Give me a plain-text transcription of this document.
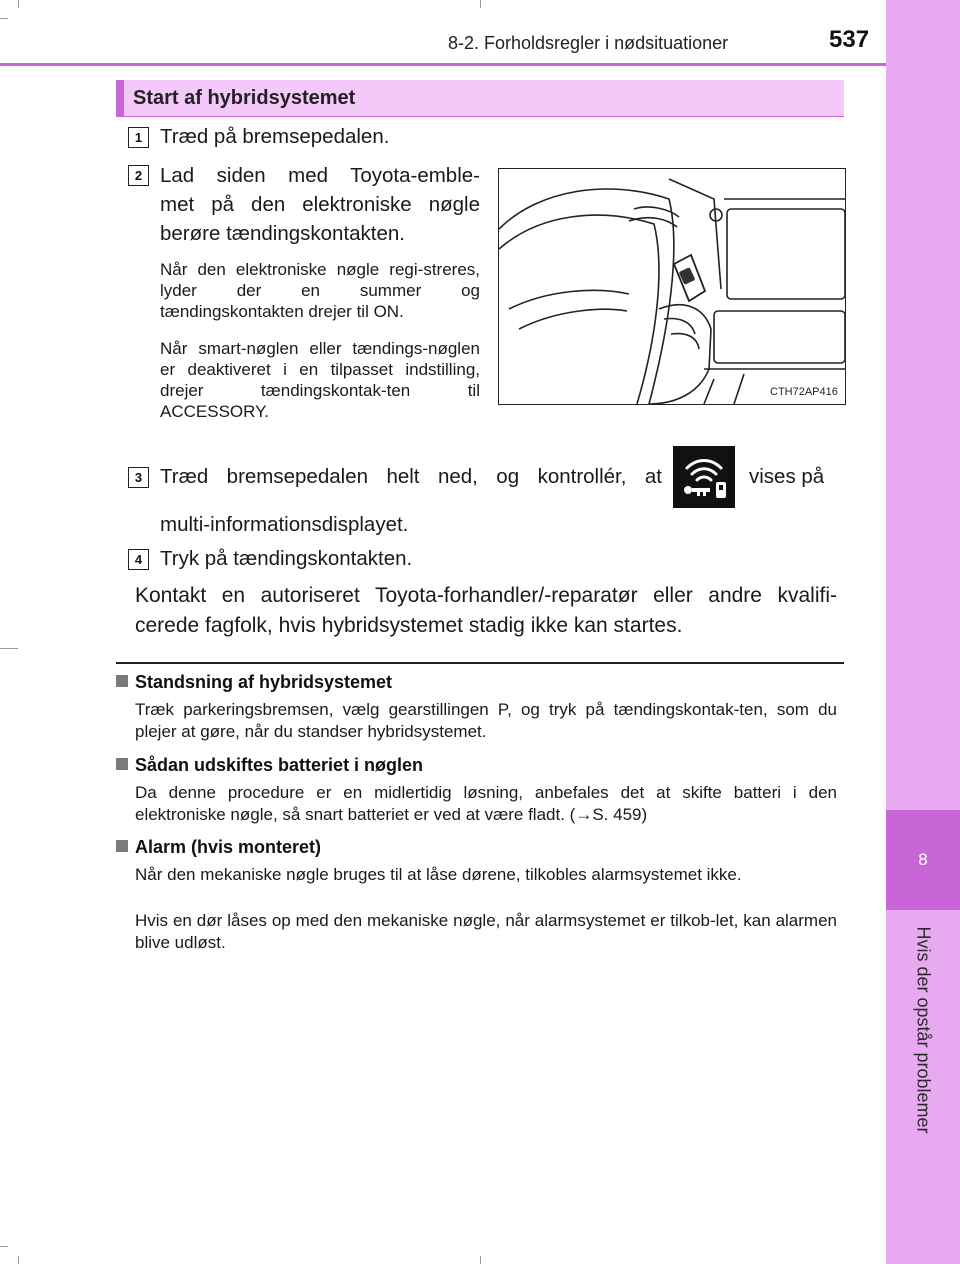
8
Hvis der opstår problemer
8-2. Forholdsregler i nødsituationer	537
Start af hybridsystemet
1 Træd på bremsepedalen.
2 Lad siden med Toyota-emble-
met på den elektroniske nøgle
berøre tændingskontakten.
Når den elektroniske nøgle regi-streres, lyder der en summer og tændingskontakten drejer til ON.
Når smart-nøglen eller tændings-nøglen er deaktiveret i en tilpasset indstilling, drejer tændingskontak-ten til ACCESSORY.
CTH72AP416
3 Træd bremsepedalen helt ned, og kontrollér, at	vises på
multi-informationsdisplayet.
4 Tryk på tændingskontakten.
Kontakt en autoriseret Toyota-forhandler/-reparatør eller andre kvalifi-
cerede fagfolk, hvis hybridsystemet stadig ikke kan startes.
Standsning af hybridsystemet
Træk parkeringsbremsen, vælg gearstillingen P, og tryk på tændingskontak-ten, som du plejer at gøre, når du standser hybridsystemet.
Sådan udskiftes batteriet i nøglen
Da denne procedure er en midlertidig løsning, anbefales det at skifte batteri i den elektroniske nøgle, så snart batteriet er ved at være fladt. (→S. 459)
Alarm (hvis monteret)
Når den mekaniske nøgle bruges til at låse dørene, tilkobles alarmsystemet ikke.
Hvis en dør låses op med den mekaniske nøgle, når alarmsystemet er tilkob-let, kan alarmen blive udløst.
